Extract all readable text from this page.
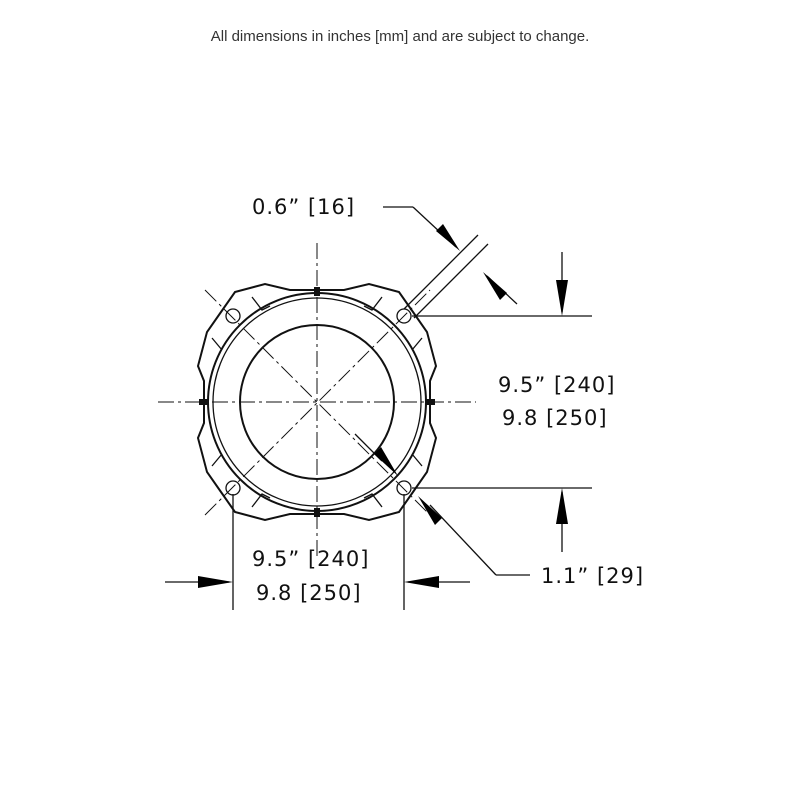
All dimensions in inches [mm] and are subject to change.
0.6” [16]
9.5” [240]
9.8 [250]
9.5” [240]
9.8 [250]
1.1” [29]
